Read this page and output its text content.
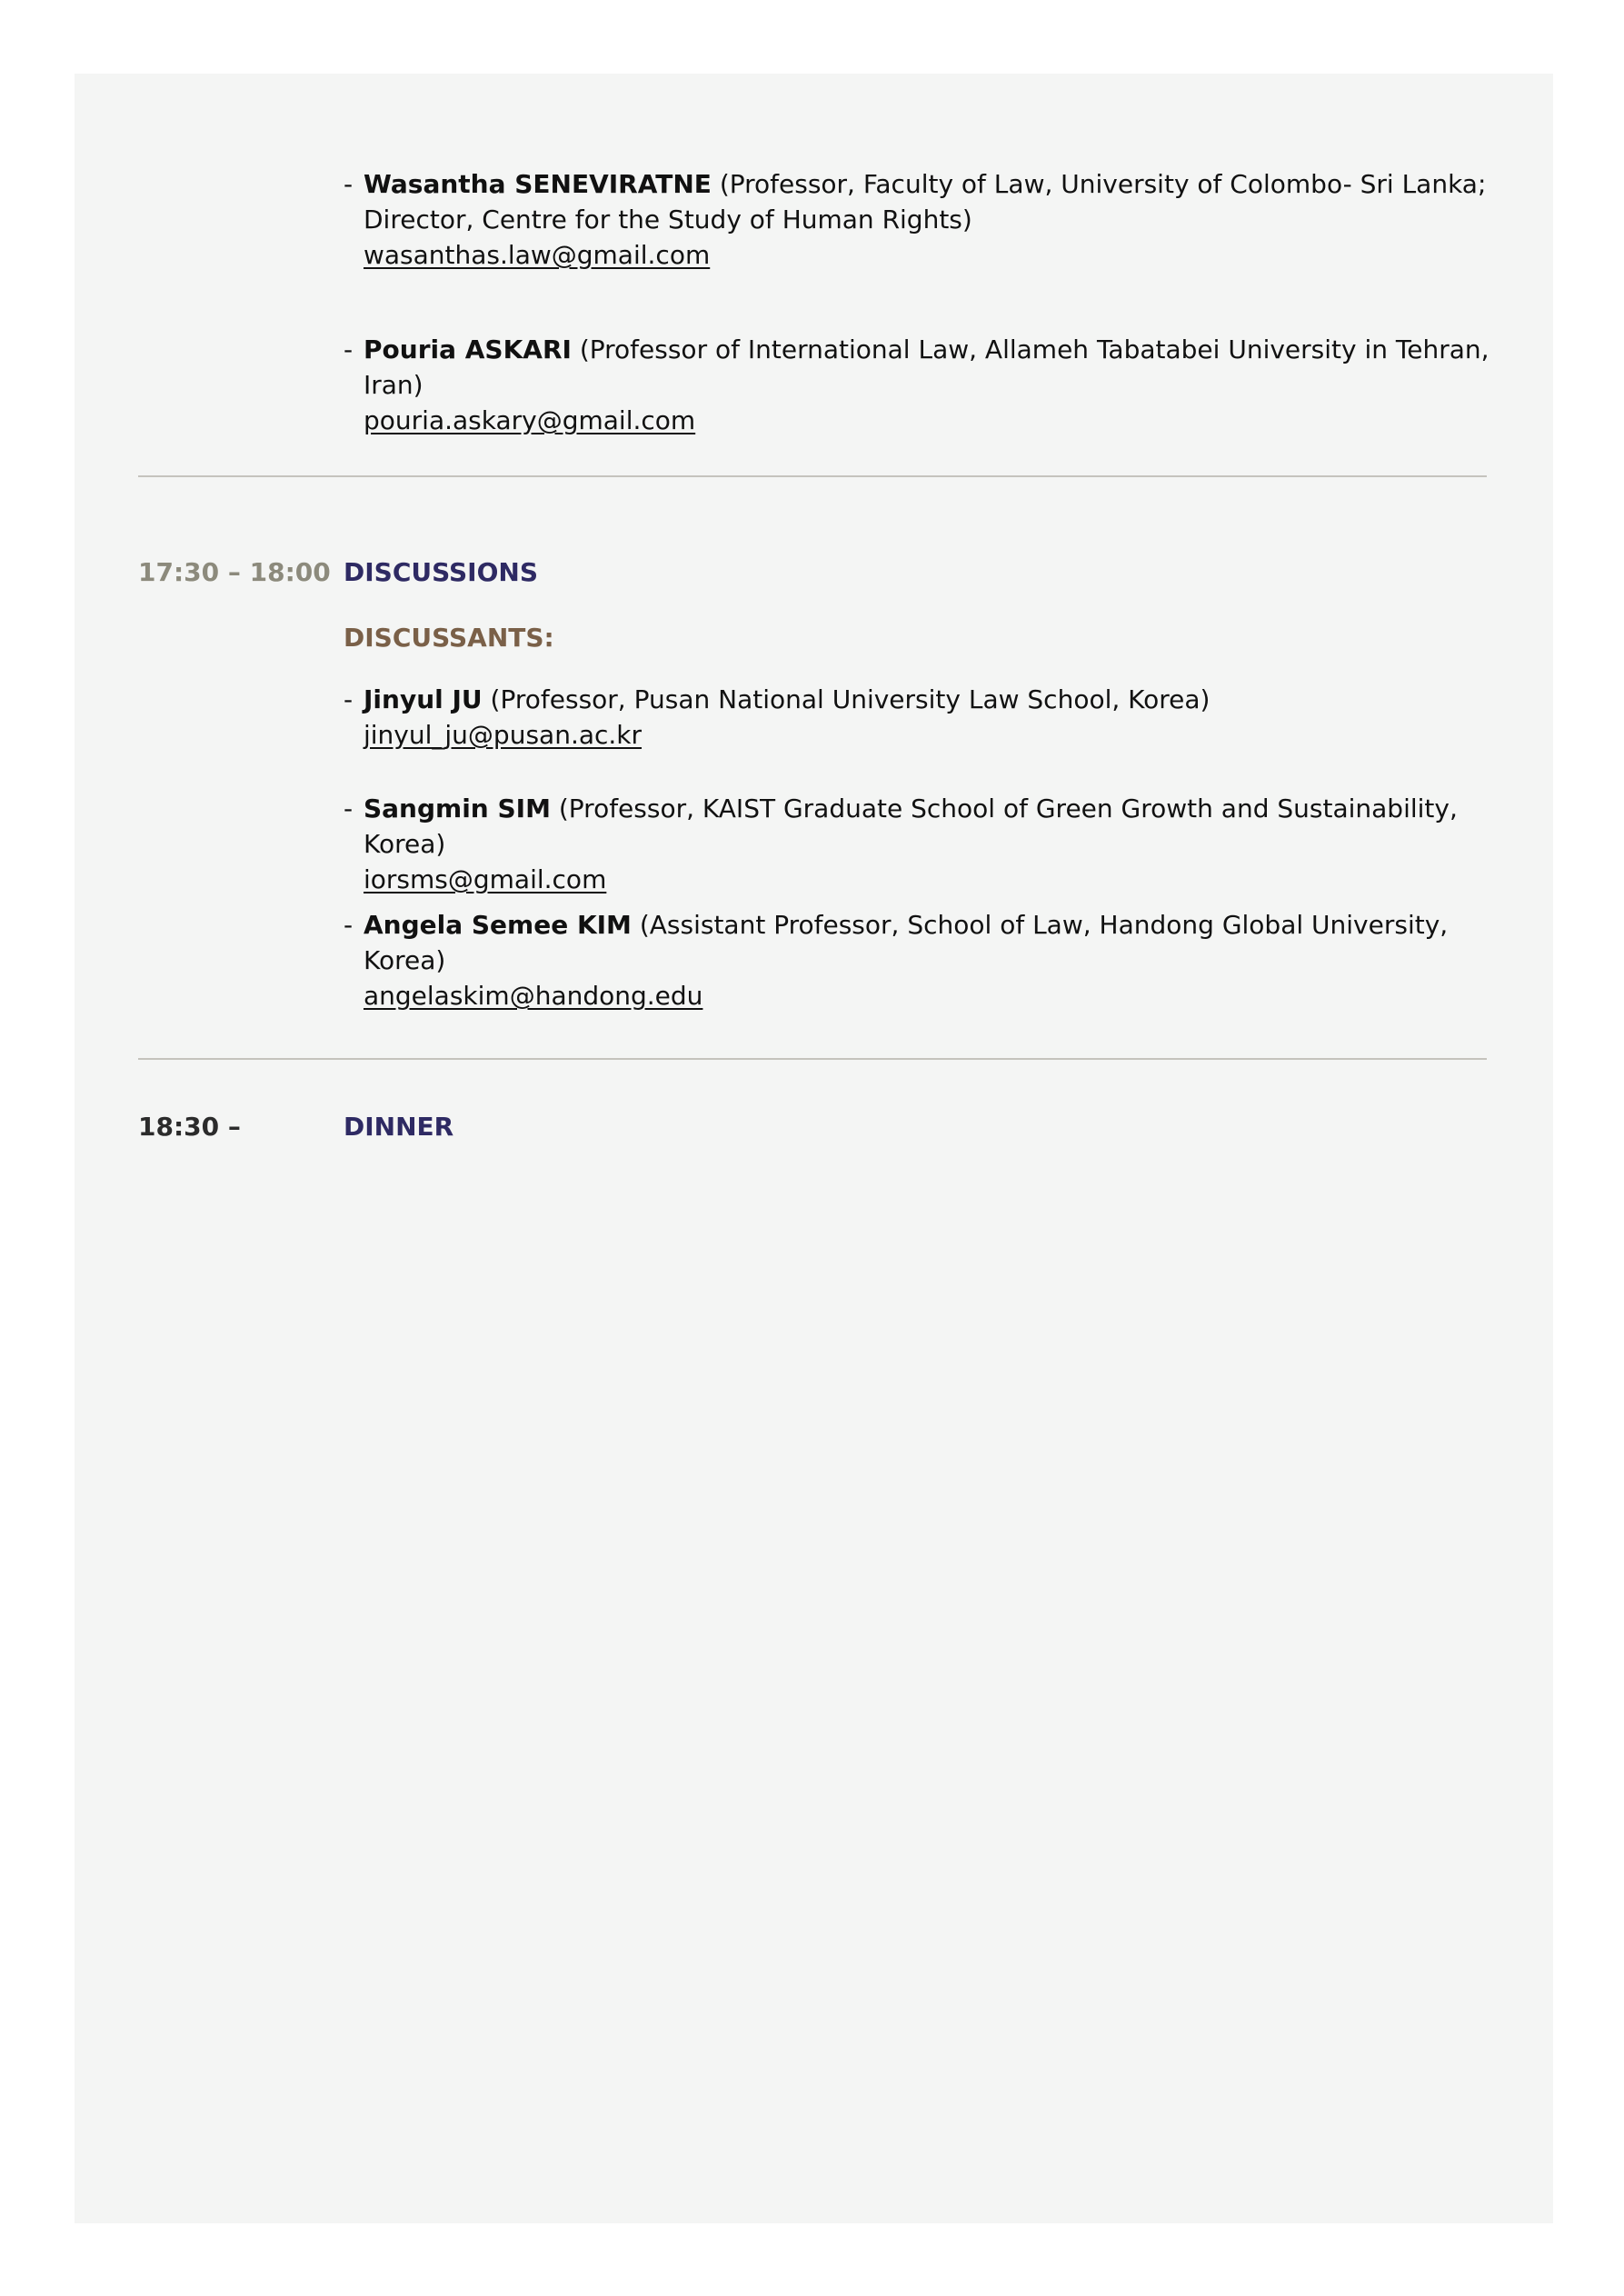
- Wasantha SENEVIRATNE (Professor, Faculty of Law, University of Colombo- Sri Lanka;
Director, Centre for the Study of Human Rights)
wasanthas.law@gmail.com
- Pouria ASKARI (Professor of International Law, Allameh Tabatabei University in Tehran, Iran)
pouria.askary@gmail.com
17:30 – 18:00 DISCUSSIONS
DISCUSSANTS:
- Jinyul JU (Professor, Pusan National University Law School, Korea)
jinyul_ju@pusan.ac.kr
- Sangmin SIM (Professor, KAIST Graduate School of Green Growth and Sustainability, Korea)
iorsms@gmail.com
- Angela Semee KIM (Assistant Professor, School of Law, Handong Global University, Korea)
angelaskim@handong.edu
18:30 –	DINNER
